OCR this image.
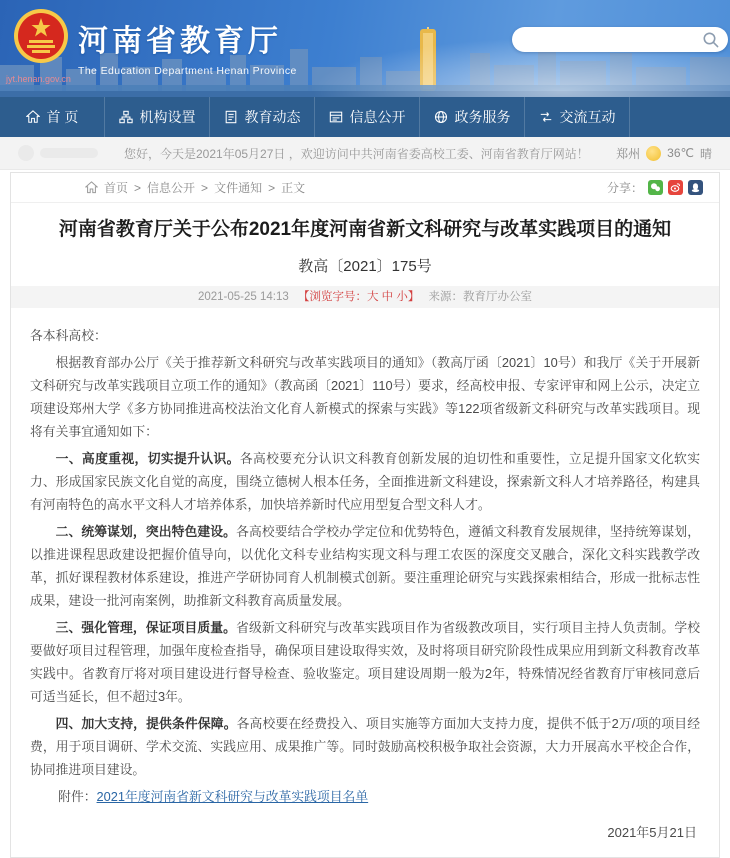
jyt.henan.gov.cn
河南省教育厅
The Education Department Henan Province
首 页	机构设置	教育动态	信息公开	政务服务	交流互动
您好，今天是2021年05月27日 ，欢迎访问中共河南省委高校工委、河南省教育厅网站！ 郑州 36℃ 晴
首页 > 信息公开 > 文件通知 > 正文	分享：
河南省教育厅关于公布2021年度河南省新文科研究与改革实践项目的通知
教高〔2021〕175号
2021-05-25 14:13 【浏览字号：大 中 小】 来源：教育厅办公室

各本科高校：

根据教育部办公厅《关于推荐新文科研究与改革实践项目的通知》（教高厅函〔2021〕10号）和我厅《关于开展新文科研究与改革实践项目立项工作的通知》（教高函〔2021〕110号）要求，经高校申报、专家评审和网上公示，决定立项建设郑州大学《多方协同推进高校法治文化育人新模式的探索与实践》等122项省级新文科研究与改革实践项目。现将有关事宜通知如下：

一、高度重视，切实提升认识。各高校要充分认识文科教育创新发展的迫切性和重要性，立足提升国家文化软实力、形成国家民族文化自觉的高度，围绕立德树人根本任务，全面推进新文科建设，探索新文科人才培养路径，构建具有河南特色的高水平文科人才培养体系，加快培养新时代应用型复合型文科人才。

二、统筹谋划，突出特色建设。各高校要结合学校办学定位和优势特色，遵循文科教育发展规律，坚持统筹谋划，以推进课程思政建设把握价值导向，以优化文科专业结构实现文科与理工农医的深度交叉融合，深化文科实践教学改革，抓好课程教材体系建设，推进产学研协同育人机制模式创新。要注重理论研究与实践探索相结合，形成一批标志性成果，建设一批河南案例，助推新文科教育高质量发展。

三、强化管理，保证项目质量。省级新文科研究与改革实践项目作为省级教改项目，实行项目主持人负责制。学校要做好项目过程管理，加强年度检查指导，确保项目建设取得实效，及时将项目研究阶段性成果应用到新文科教育改革实践中。省教育厅将对项目建设进行督导检查、验收鉴定。项目建设周期一般为2年，特殊情况经省教育厅审核同意后可适当延长，但不超过3年。

四、加大支持，提供条件保障。各高校要在经费投入、项目实施等方面加大支持力度，提供不低于2万/项的项目经费，用于项目调研、学术交流、实践应用、成果推广等。同时鼓励高校积极争取社会资源，大力开展高水平校企合作，协同推进项目建设。

附件：2021年度河南省新文科研究与改革实践项目名单

2021年5月21日
